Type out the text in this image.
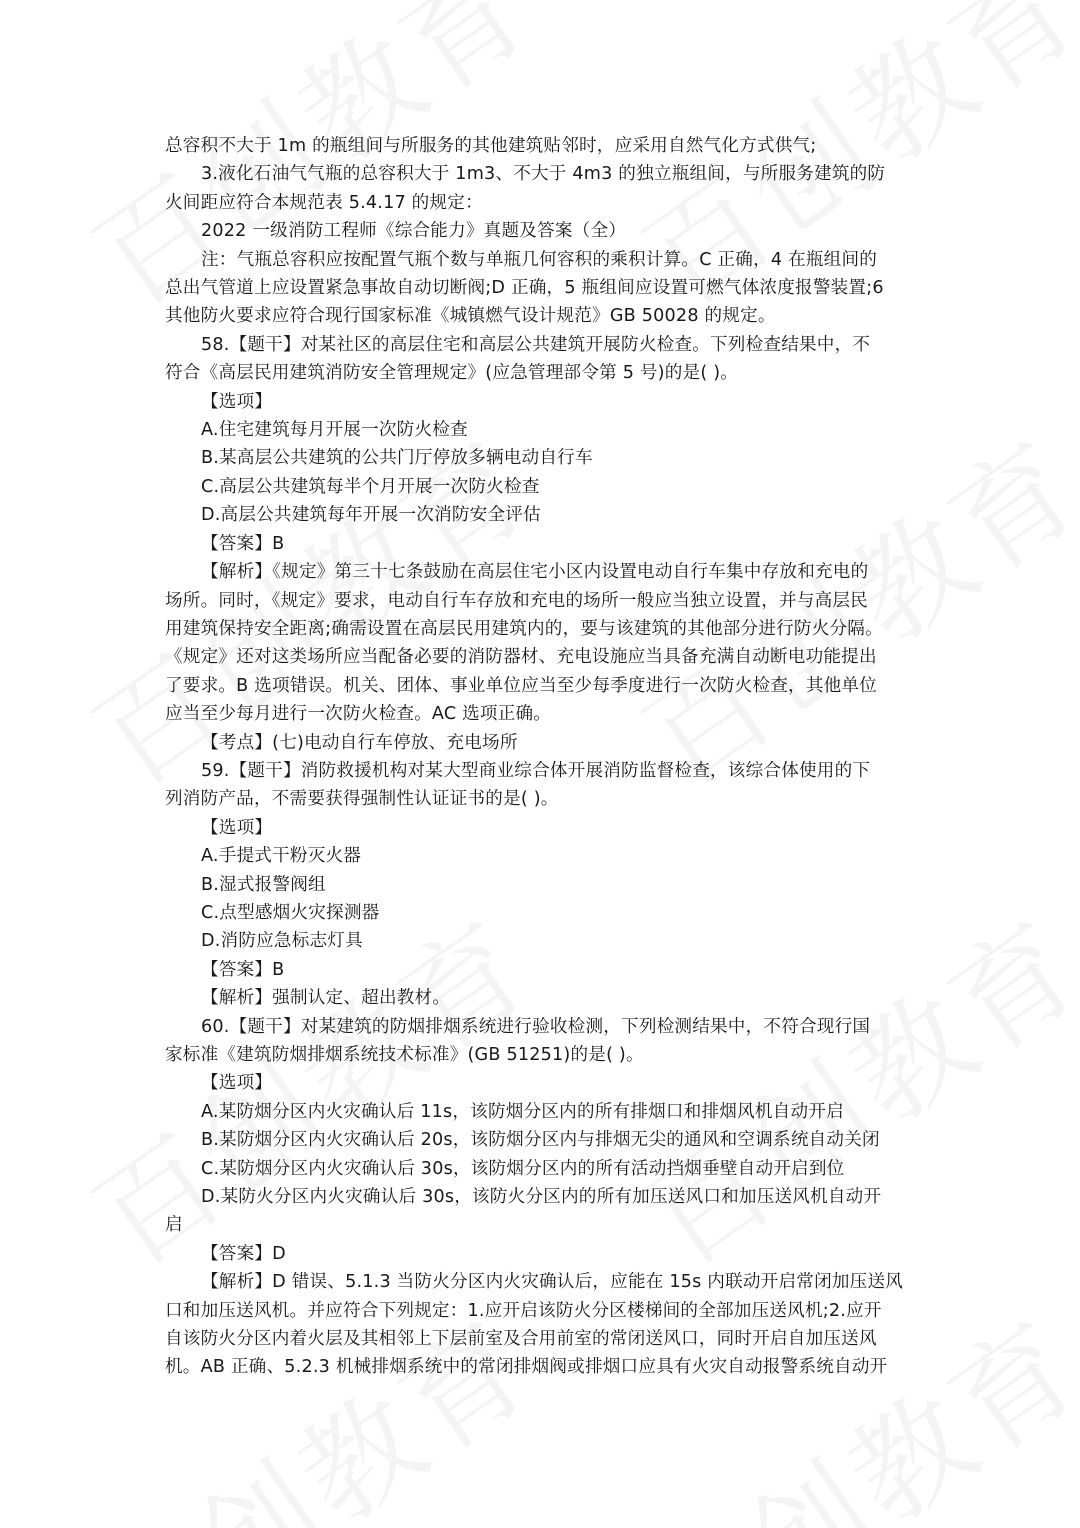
总容积不大于 1m 的瓶组间与所服务的其他建筑贴邻时，应采用自然气化方式供气;
3.液化石油气气瓶的总容积大于 1m3、不大于 4m3 的独立瓶组间，与所服务建筑的防
火间距应符合本规范表 5.4.17 的规定：
2022 一级消防工程师《综合能力》真题及答案（全）
注：气瓶总容积应按配置气瓶个数与单瓶几何容积的乘积计算。C 正确，4 在瓶组间的
总出气管道上应设置紧急事故自动切断阀;D 正确，5 瓶组间应设置可燃气体浓度报警装置;6
其他防火要求应符合现行国家标准《城镇燃气设计规范》GB 50028 的规定。
58.【题干】对某社区的高层住宅和高层公共建筑开展防火检查。下列检查结果中，不
符合《高层民用建筑消防安全管理规定》(应急管理部令第 5 号)的是( )。
【选项】
A.住宅建筑每月开展一次防火检查
B.某高层公共建筑的公共门厅停放多辆电动自行车
C.高层公共建筑每半个月开展一次防火检查
D.高层公共建筑每年开展一次消防安全评估
【答案】B
【解析】《规定》第三十七条鼓励在高层住宅小区内设置电动自行车集中存放和充电的
场所。同时，《规定》要求，电动自行车存放和充电的场所一般应当独立设置，并与高层民
用建筑保持安全距离;确需设置在高层民用建筑内的，要与该建筑的其他部分进行防火分隔。
《规定》还对这类场所应当配备必要的消防器材、充电设施应当具备充满自动断电功能提出
了要求。B 选项错误。机关、团体、事业单位应当至少每季度进行一次防火检查，其他单位
应当至少每月进行一次防火检查。AC 选项正确。
【考点】(七)电动自行车停放、充电场所
59.【题干】消防救援机构对某大型商业综合体开展消防监督检查，该综合体使用的下
列消防产品，不需要获得强制性认证证书的是( )。
【选项】
A.手提式干粉灭火器
B.湿式报警阀组
C.点型感烟火灾探测器
D.消防应急标志灯具
【答案】B
【解析】强制认定、超出教材。
60.【题干】对某建筑的防烟排烟系统进行验收检测，下列检测结果中，不符合现行国
家标准《建筑防烟排烟系统技术标准》(GB 51251)的是( )。
【选项】
A.某防烟分区内火灾确认后 11s，该防烟分区内的所有排烟口和排烟风机自动开启
B.某防烟分区内火灾确认后 20s，该防烟分区内与排烟无尖的通风和空调系统自动关闭
C.某防烟分区内火灾确认后 30s，该防烟分区内的所有活动挡烟垂壁自动开启到位
D.某防火分区内火灾确认后 30s，该防火分区内的所有加压送风口和加压送风机自动开
启
【答案】D
【解析】D 错误、5.1.3 当防火分区内火灾确认后，应能在 15s 内联动开启常闭加压送风
口和加压送风机。并应符合下列规定：1.应开启该防火分区楼梯间的全部加压送风机;2.应开
自该防火分区内着火层及其相邻上下层前室及合用前室的常闭送风口，同时开启自加压送风
机。AB 正确、5.2.3 机械排烟系统中的常闭排烟阀或排烟口应具有火灾自动报警系统自动开
